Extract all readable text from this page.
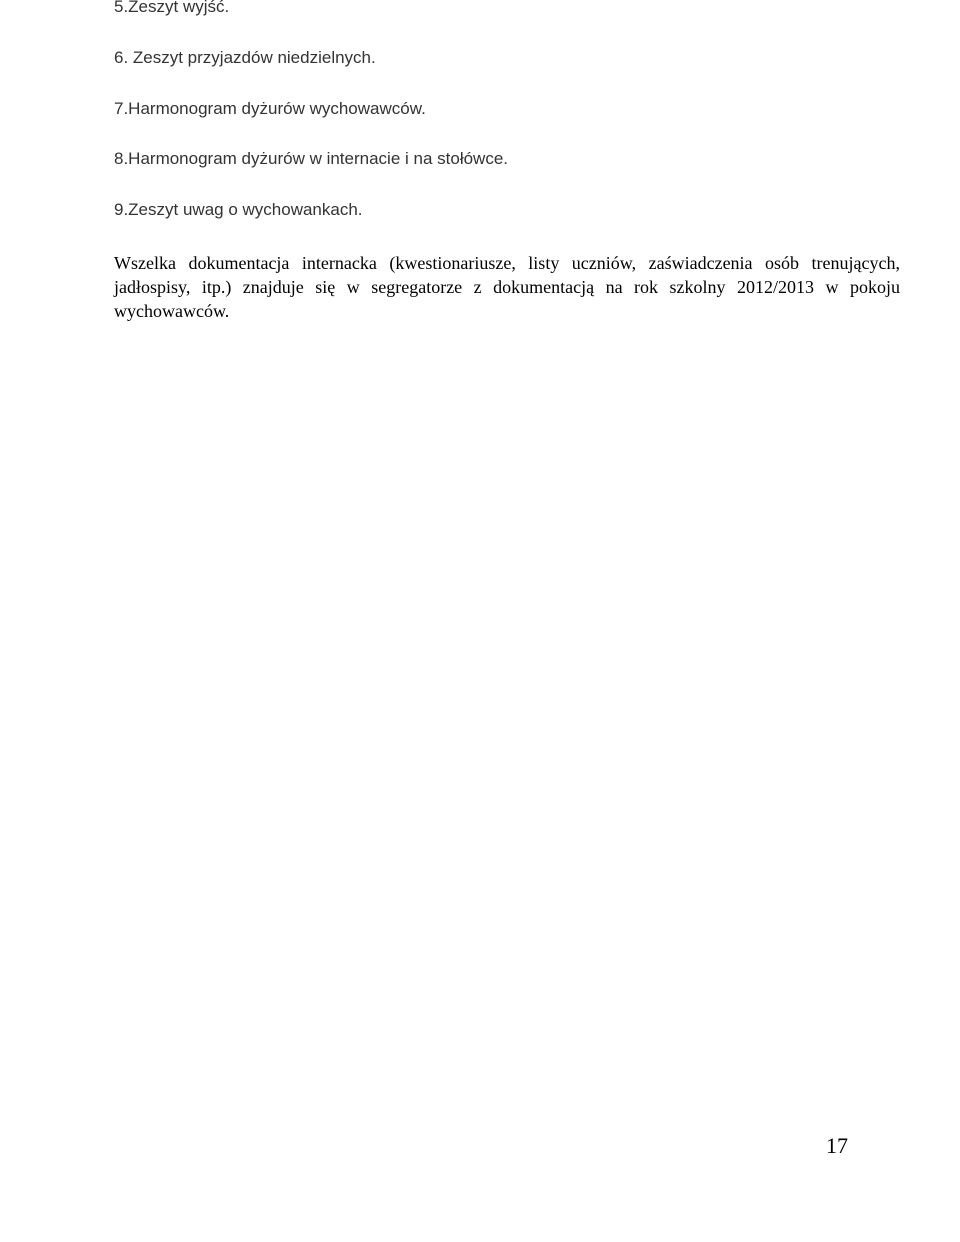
5.Zeszyt wyjść.
6. Zeszyt przyjazdów niedzielnych.
7.Harmonogram dyżurów wychowawców.
8.Harmonogram dyżurów w internacie i na stołówce.
9.Zeszyt uwag o wychowankach.

Wszelka dokumentacja internacka (kwestionariusze, listy uczniów, zaświadczenia osób trenujących, jadłospisy, itp.) znajduje się w segregatorze z dokumentacją na rok szkolny 2012/2013 w pokoju wychowawców.

17
